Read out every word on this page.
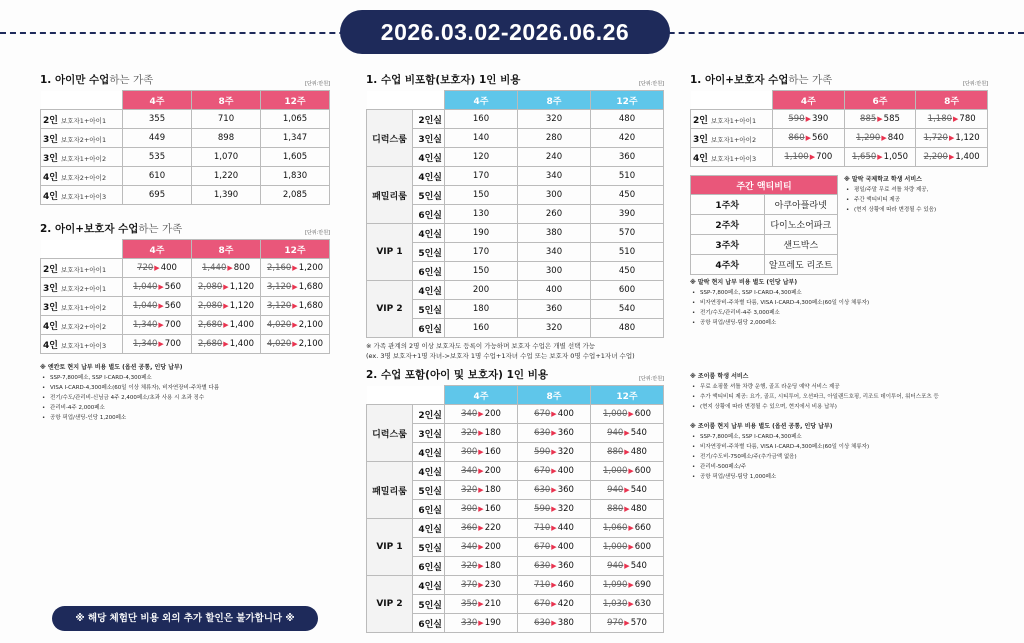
2026.03.02-2026.06.26
1. 아이만 수업하는 가족	[단위:만원]
	4주	8주	12주
2인 보호자1+아이1	355	710	1,065
3인 보호자2+아이1	449	898	1,347
3인 보호자1+아이2	535	1,070	1,605
4인 보호자2+아이2	610	1,220	1,830
4인 보호자1+아이3	695	1,390	2,085
2. 아이+보호자 수업하는 가족	[단위:만원]
	4주	8주	12주
2인 보호자1+아이1	720▶400	1,440▶800	2,160▶1,200
3인 보호자2+아이1	1,040▶560	2,080▶1,120	3,120▶1,680
3인 보호자1+아이2	1,040▶560	2,080▶1,120	3,120▶1,680
4인 보호자2+아이2	1,340▶700	2,680▶1,400	4,020▶2,100
4인 보호자1+아이3	1,340▶700	2,680▶1,400	4,020▶2,100
※ 엔칸토 현지 납부 비용 별도 (옵션 공통, 인당 납부)
• SSP-7,800페소, SSP I-CARD-4,300페소
• VISA I-CARD-4,300페소(60일 이상 체류자), 비자연장비-주차별 다름
• 전기/수도/관리비-신님금 4주 2,400페소/초과 사용 시 초과 징수
• 관리비-4주 2,000페소
• 공항 픽업/샌딩-인당 1,200페소
1. 수업 비포함(보호자) 1인 비용	[단위:만원]
		4주	8주	12주
디럭스룸	2인실	160	320	480
	3인실	140	280	420
	4인실	120	240	360
패밀리룸	4인실	170	340	510
	5인실	150	300	450
	6인실	130	260	390
VIP 1	4인실	190	380	570
	5인실	170	340	510
	6인실	150	300	450
VIP 2	4인실	200	400	600
	5인실	180	360	540
	6인실	160	320	480
※ 가족 관계의 2명 이상 보호자도 등록이 가능하며 보호자 수업은 개별 선택 가능
(ex. 3명 보호자+1명 자녀->보호자 1명 수업+1자녀 수업 또는 보호자 0명 수업+1자녀 수업)
2. 수업 포함(아이 및 보호자) 1인 비용	[단위:만원]
		4주	8주	12주
디럭스룸	2인실	340▶200	670▶400	1,000▶600
	3인실	320▶180	630▶360	940▶540
	4인실	300▶160	590▶320	880▶480
패밀리룸	4인실	340▶200	670▶400	1,000▶600
	5인실	320▶180	630▶360	940▶540
	6인실	300▶160	590▶320	880▶480
VIP 1	4인실	360▶220	710▶440	1,060▶660
	5인실	340▶200	670▶400	1,000▶600
	6인실	320▶180	630▶360	940▶540
VIP 2	4인실	370▶230	710▶460	1,090▶690
	5인실	350▶210	670▶420	1,030▶630
	6인실	330▶190	630▶380	970▶570
1. 아이+보호자 수업하는 가족	[단위:만원]
	4주	6주	8주
2인 보호자1+아이1	590▶390	885▶585	1,180▶780
3인 보호자1+아이2	860▶560	1,290▶840	1,720▶1,120
4인 보호자1+아이3	1,100▶700	1,650▶1,050	2,200▶1,400
주간 액티비티	
1주차	아쿠아플라넷
2주차	다이노소어파크
3주차	샌드박스
4주차	알프레도 리조트
※ 말락 국제학교 학생 서비스
• 평일/주말 무료 셔틀 차량 제공,
• 주간 액티비티 제공
• (현지 상황에 따라 변경될 수 있음)
※ 말락 현지 납부 비용 별도 (인당 납부)
• SSP-7,800페소, SSP I-CARD-4,300페소
• 비자연장비-주차별 다름, VISA I-CARD-4,300페소(60일 이상 체류자)
• 전기/수도/관리비-4주 3,000페소
• 공항 픽업/샌딩-팀당 2,000페소
※ 조이룸 학생 서비스
• 무료 쇼핑몰 셔틀 차량 운행, 골프 라운딩 예약 서비스 제공
• 추가 액티비티 제공: 요가, 골프, 시티투어, 오션파크, 아일랜드호핑, 리조트 데이투어, 워터스포츠 등
• (현지 상황에 따라 변경될 수 있으며, 현지에서 비용 납부)
※ 조이룸 현지 납부 비용 별도 (옵션 공통, 인당 납부)
• SSP-7,800페소, SSP I-CARD-4,300페소
• 비자연장비-주차별 다름, VISA I-CARD-4,300페소(60일 이상 체류자)
• 전기/수도비-750페소/주(추가금액 없음)
• 관리비-500페소/주
• 공항 픽업/샌딩-팀당 1,000페소
※ 해당 체험단 비용 외의 추가 할인은 불가합니다 ※
